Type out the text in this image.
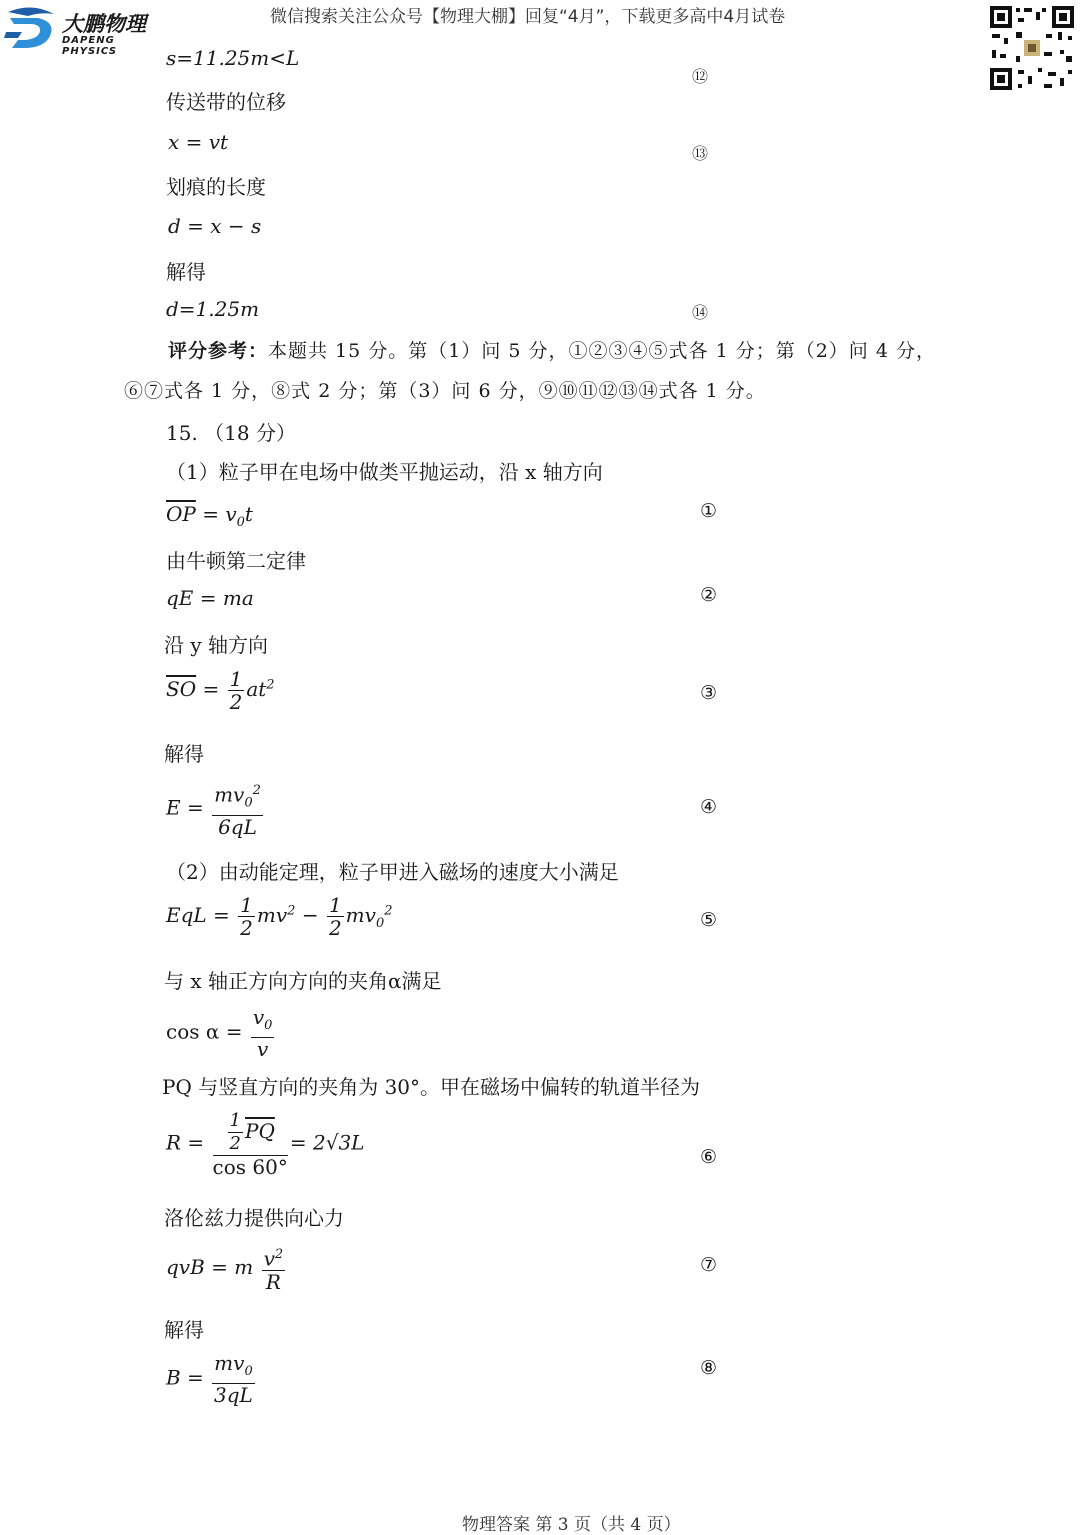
大鹏物理
DAPENG PHYSICS
微信搜索关注公众号【物理大棚】回复“4月”，下载更多高中4月试卷
s=11.25m<L
⑫
传送带的位移
x = vt	⑬
划痕的长度
d = x − s
解得
d=1.25m	⑭
评分参考：本题共 15 分。第（1）问 5 分，①②③④⑤式各 1 分；第（2）问 4 分，
⑥⑦式各 1 分，⑧式 2 分；第（3）问 6 分，⑨⑩⑪⑫⑬⑭式各 1 分。
15. （18 分）
（1）粒子甲在电场中做类平抛运动，沿 x 轴方向
$\overline{OP} = v_0t$	①
由牛顿第二定律
qE = ma	②
沿 y 轴方向
$\overline{SO} = \frac{1}{2} at^2$	③
解得
$E = \frac{mv_0^2}{6qL}$	④
（2）由动能定理，粒子甲进入磁场的速度大小满足
EqL = $\frac{1}{2} mv^2 - \frac{1}{2} mv_0^2$	⑤
与 x 轴正方向方向的夹角α满足
$\cos \alpha = \frac{v_0}{v}$
PQ 与竖直方向的夹角为 30°。甲在磁场中偏转的轨道半径为
$R = \frac{\frac{1}{2} \overline{PQ}}{\cos 60^\circ} = 2√3L$
⑥
洛伦兹力提供向心力
qvB = m $\frac{v^2}{R}$	⑦
解得
$B = \frac{mv_0}{3qL}$	⑧
物理答案 第 3 页（共 4 页）
